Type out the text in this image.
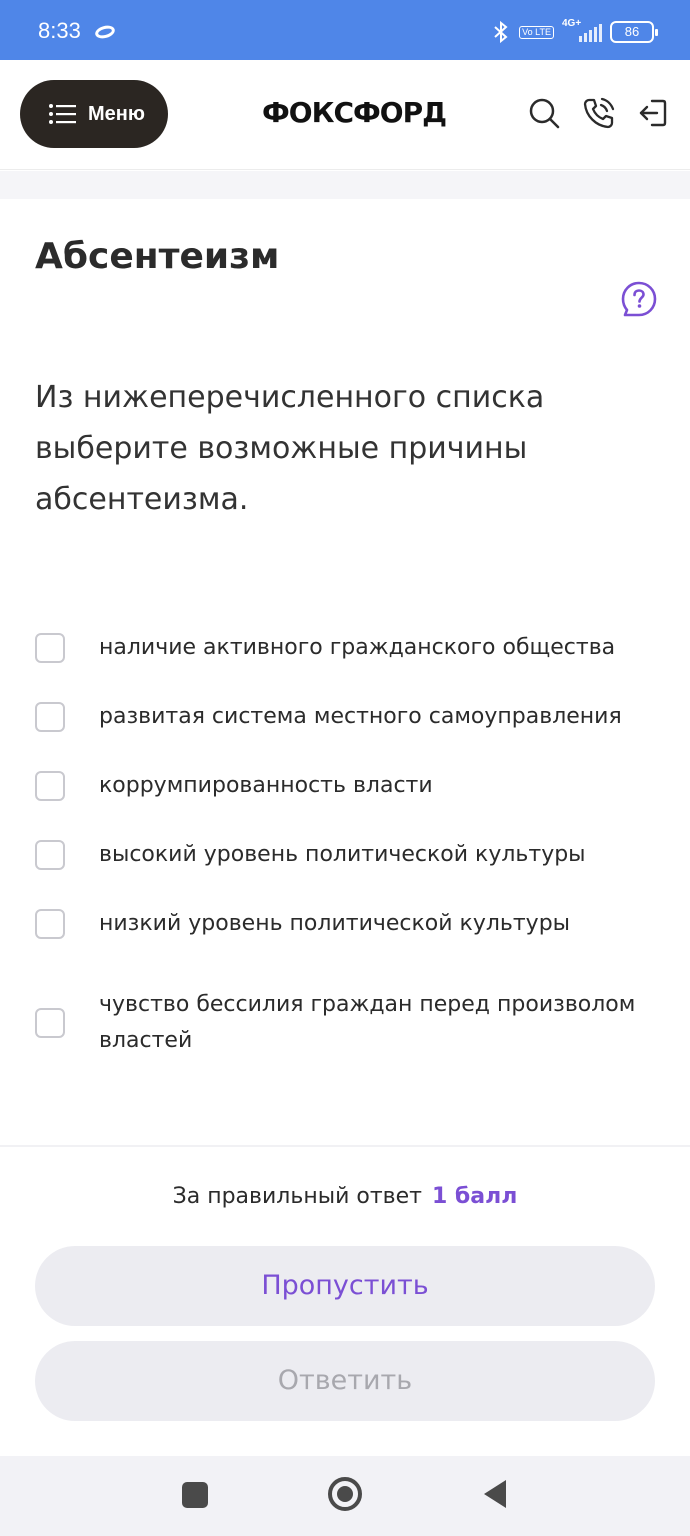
8:33	Vo LTE
4G+
86
Меню	ФОКСФОРД
Абсентеизм

Из нижеперечисленного списка выберите возможные причины абсентеизма.

наличие активного гражданского общества
развитая система местного самоуправления
коррумпированность власти
высокий уровень политической культуры
низкий уровень политической культуры
чувство бессилия граждан перед произволом властей
За правильный ответ 1 балл
Пропустить
Ответить
